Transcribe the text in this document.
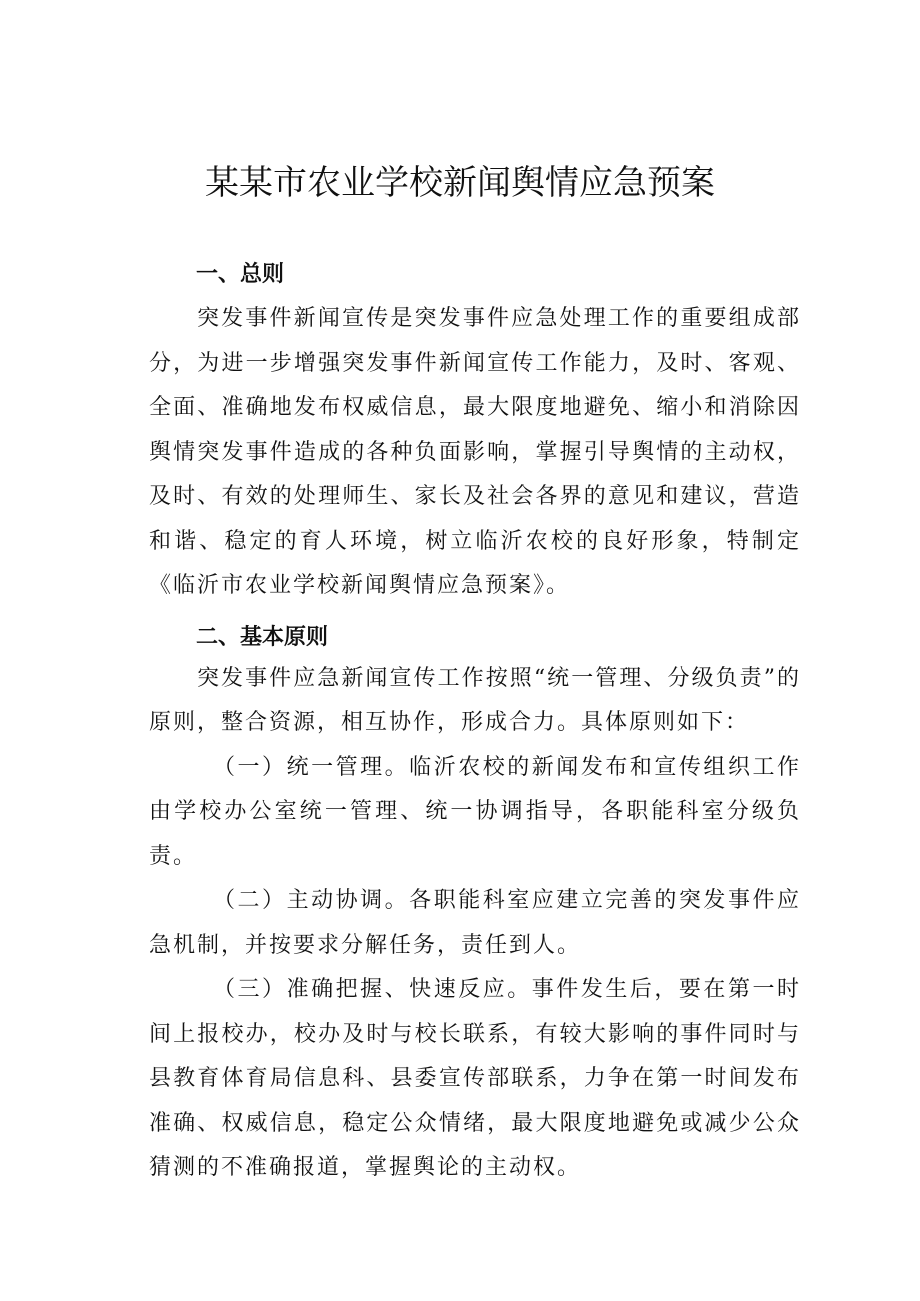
某某市农业学校新闻舆情应急预案
一、总则

突发事件新闻宣传是突发事件应急处理工作的重要组成部分，为进一步增强突发事件新闻宣传工作能力，及时、客观、全面、准确地发布权威信息，最大限度地避免、缩小和消除因舆情突发事件造成的各种负面影响，掌握引导舆情的主动权，及时、有效的处理师生、家长及社会各界的意见和建议，营造和谐、稳定的育人环境，树立临沂农校的良好形象，特制定《临沂市农业学校新闻舆情应急预案》。

二、基本原则

突发事件应急新闻宣传工作按照“统一管理、分级负责”的原则，整合资源，相互协作，形成合力。具体原则如下：

（一）统一管理。临沂农校的新闻发布和宣传组织工作由学校办公室统一管理、统一协调指导，各职能科室分级负责。

（二）主动协调。各职能科室应建立完善的突发事件应急机制，并按要求分解任务，责任到人。

（三）准确把握、快速反应。事件发生后，要在第一时间上报校办，校办及时与校长联系，有较大影响的事件同时与县教育体育局信息科、县委宣传部联系，力争在第一时间发布准确、权威信息，稳定公众情绪，最大限度地避免或减少公众猜测的不准确报道，掌握舆论的主动权。
